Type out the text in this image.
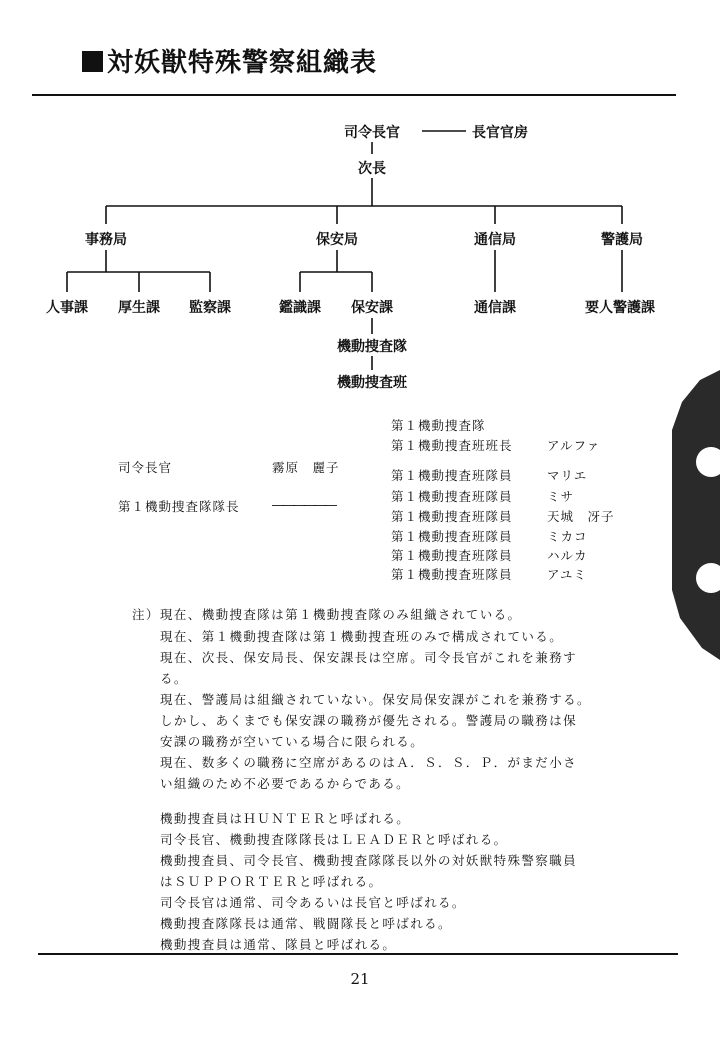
対妖獣特殊警察組織表
司令長官	長官官房
次長
事務局	保安局	通信局	警護局
人事課 厚生課 監察課	鑑識課 保安課	通信課	要人警護課
機動捜査隊
機動捜査班
司令長官	霧原　麗子
第１機動捜査隊隊長	――――――
第１機動捜査隊
第１機動捜査班班長	アルファ
第１機動捜査班隊員	マリエ
第１機動捜査班隊員	ミサ
第１機動捜査班隊員	天城　冴子
第１機動捜査班隊員	ミカコ
第１機動捜査班隊員	ハルカ
第１機動捜査班隊員	アユミ
注） 現在、機動捜査隊は第１機動捜査隊のみ組織されている。
現在、第１機動捜査隊は第１機動捜査班のみで構成されている。
現在、次長、保安局長、保安課長は空席。司令長官がこれを兼務す
る。
現在、警護局は組織されていない。保安局保安課がこれを兼務する。
しかし、あくまでも保安課の職務が優先される。警護局の職務は保
安課の職務が空いている場合に限られる。
現在、数多くの職務に空席があるのはＡ．Ｓ．Ｓ．Ｐ．がまだ小さ
い組織のため不必要であるからである。
機動捜査員はＨＵＮＴＥＲと呼ばれる。
司令長官、機動捜査隊隊長はＬＥＡＤＥＲと呼ばれる。
機動捜査員、司令長官、機動捜査隊隊長以外の対妖獣特殊警察職員
はＳＵＰＰＯＲＴＥＲと呼ばれる。
司令長官は通常、司令あるいは長官と呼ばれる。
機動捜査隊隊長は通常、戦闘隊長と呼ばれる。
機動捜査員は通常、隊員と呼ばれる。
21
